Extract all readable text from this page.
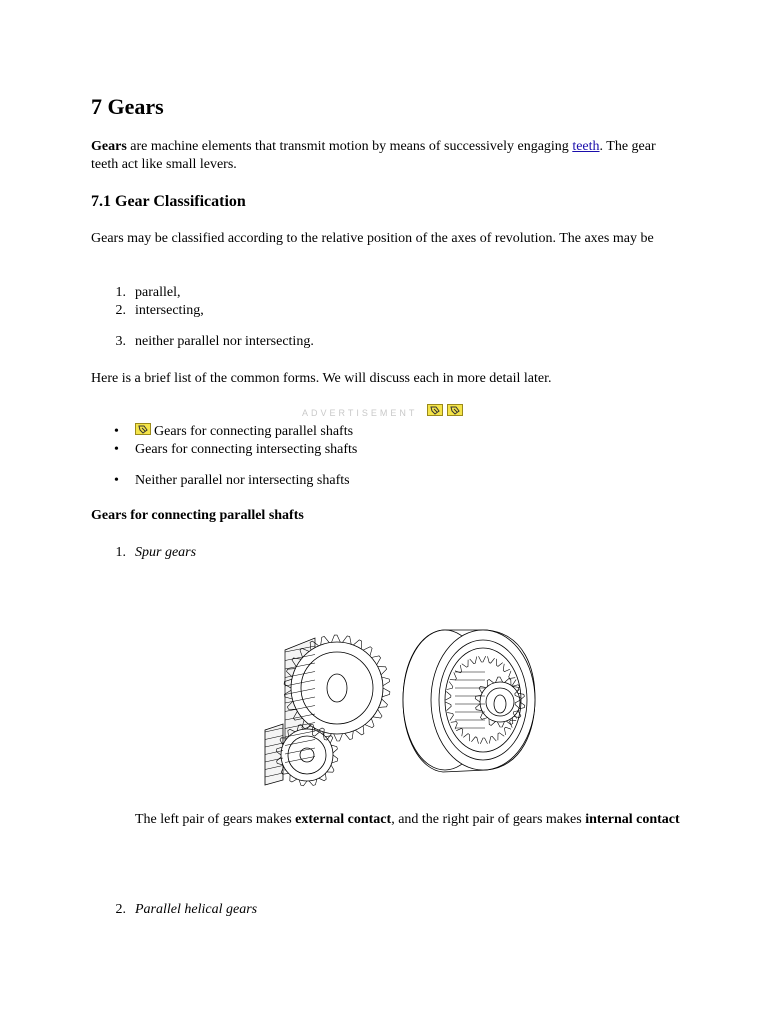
7 Gears
Gears are machine elements that transmit motion by means of successively engaging teeth. The gear teeth act like small levers.
7.1 Gear Classification
Gears may be classified according to the relative position of the axes of revolution. The axes may be
1. parallel,
2. intersecting,
3. neither parallel nor intersecting.
Here is a brief list of the common forms. We will discuss each in more detail later.
ADVERTISEMENT
•	Gears for connecting parallel shafts
• Gears for connecting intersecting shafts
• Neither parallel nor intersecting shafts
Gears for connecting parallel shafts
1. Spur gears
The left pair of gears makes external contact, and the right pair of gears makes internal contact
2. Parallel helical gears
